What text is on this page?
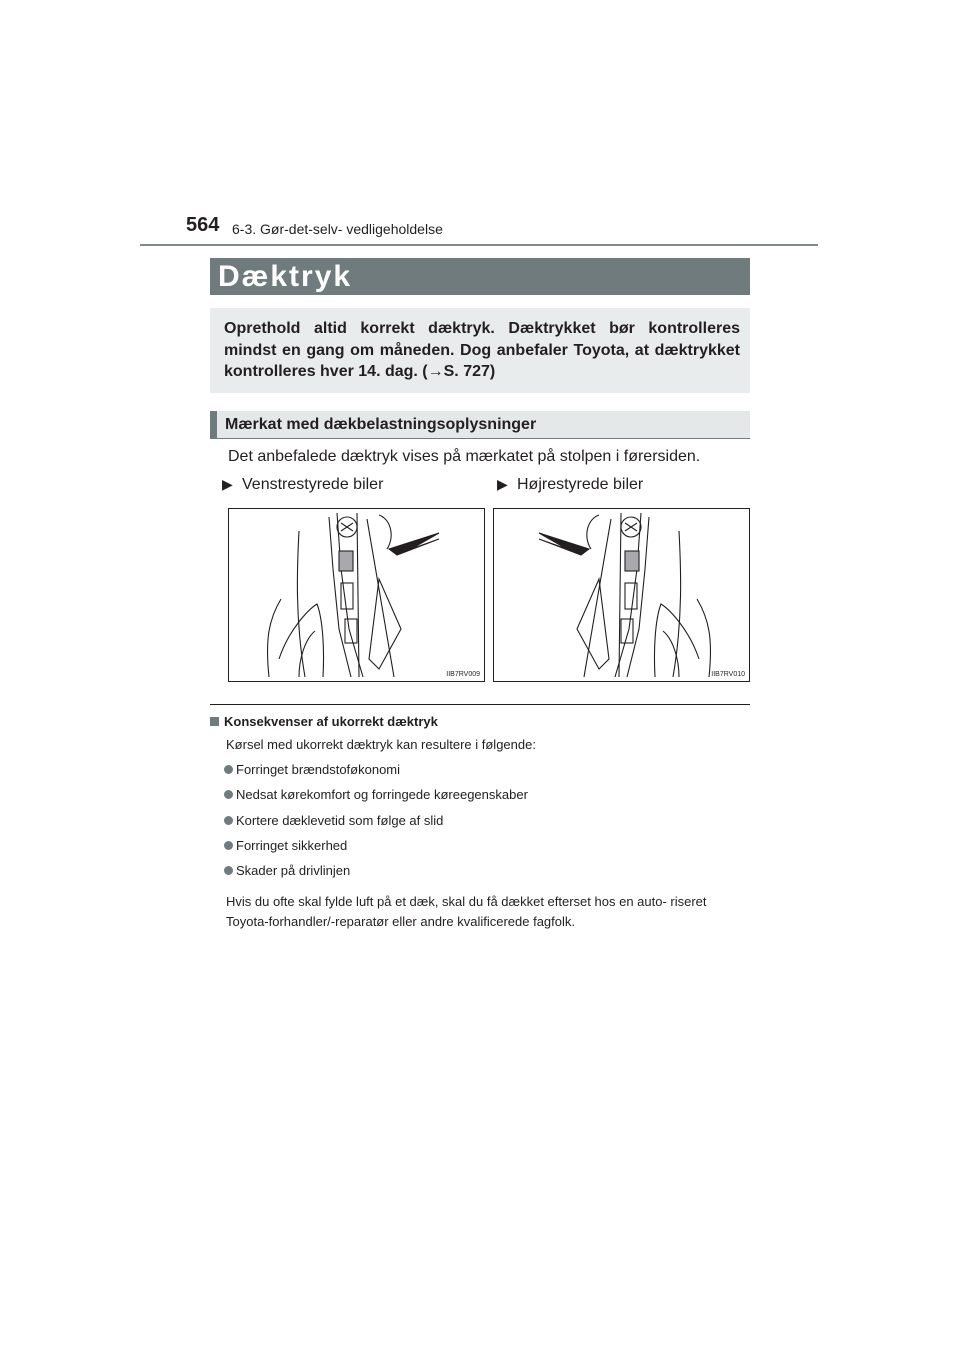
564 6-3. Gør-det-selv- vedligeholdelse
Dæktryk
Oprethold altid korrekt dæktryk. Dæktrykket bør kontrolleres mindst en gang om måneden. Dog anbefaler Toyota, at dæktrykket kontrolleres hver 14. dag. (→S. 727)
Mærkat med dækbelastningsoplysninger
Det anbefalede dæktryk vises på mærkatet på stolpen i førersiden.
▶ Venstrestyrede biler	▶ Højrestyrede biler
IIB7RV009	IIB7RV010
Konsekvenser af ukorrekt dæktryk
Kørsel med ukorrekt dæktryk kan resultere i følgende:
Forringet brændstoføkonomi
Nedsat kørekomfort og forringede køreegenskaber
Kortere dæklevetid som følge af slid
Forringet sikkerhed
Skader på drivlinjen
Hvis du ofte skal fylde luft på et dæk, skal du få dækket efterset hos en auto- riseret Toyota-forhandler/-reparatør eller andre kvalificerede fagfolk.
